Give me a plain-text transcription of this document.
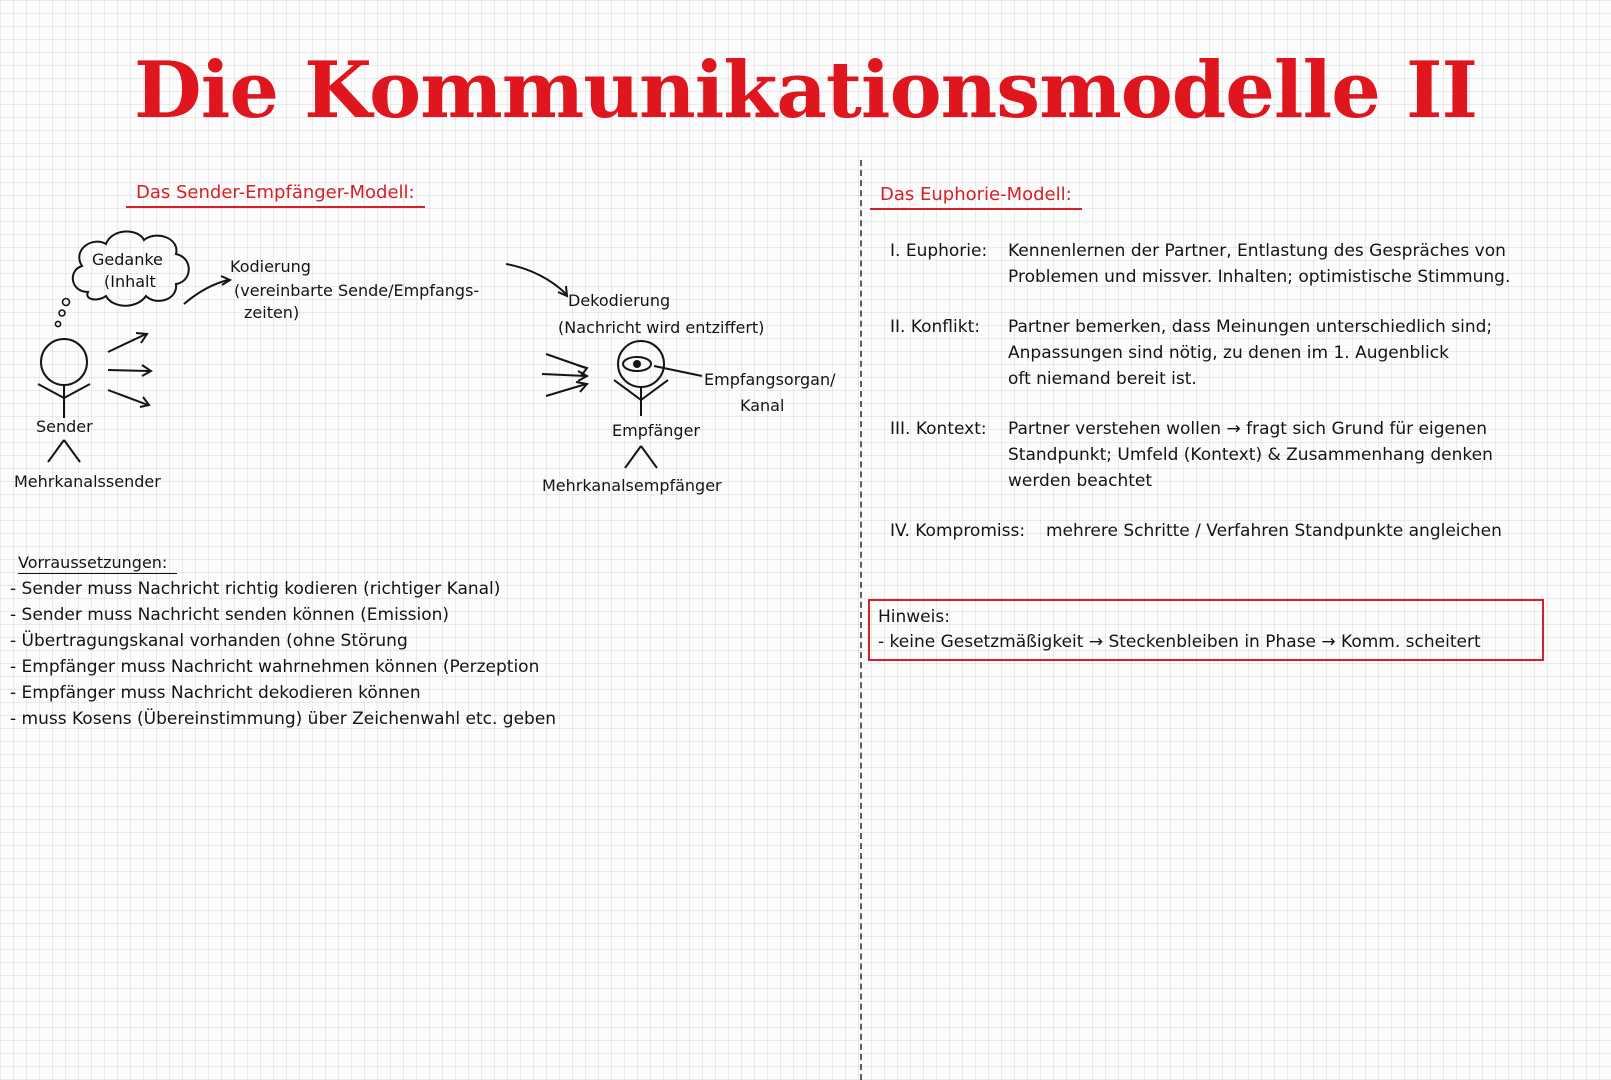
Die Kommunikationsmodelle II
Das Sender-Empfänger-Modell:
Gedanke
(Inhalt
Kodierung
(vereinbarte Sende/Empfangs-
zeiten)
Dekodierung
(Nachricht wird entziffert)
Empfangsorgan/
Kanal
Sender
Mehrkanalssender
Empfänger
Mehrkanalsempfänger
Vorraussetzungen:
- Sender muss Nachricht richtig kodieren (richtiger Kanal)
- Sender muss Nachricht senden können (Emission)
- Übertragungskanal vorhanden (ohne Störung
- Empfänger muss Nachricht wahrnehmen können (Perzeption
- Empfänger muss Nachricht dekodieren können
- muss Kosens (Übereinstimmung) über Zeichenwahl etc. geben
Das Euphorie-Modell:
I. Euphorie:	Kennenlernen der Partner, Entlastung des Gespräches von
Problemen und missver. Inhalten; optimistische Stimmung.
II. Konflikt:	Partner bemerken, dass Meinungen unterschiedlich sind;
Anpassungen sind nötig, zu denen im 1. Augenblick
oft niemand bereit ist.
III. Kontext:	Partner verstehen wollen → fragt sich Grund für eigenen
Standpunkt; Umfeld (Kontext) & Zusammenhang denken
werden beachtet
IV. Kompromiss:	mehrere Schritte / Verfahren Standpunkte angleichen
Hinweis:
- keine Gesetzmäßigkeit → Steckenbleiben in Phase → Komm. scheitert
